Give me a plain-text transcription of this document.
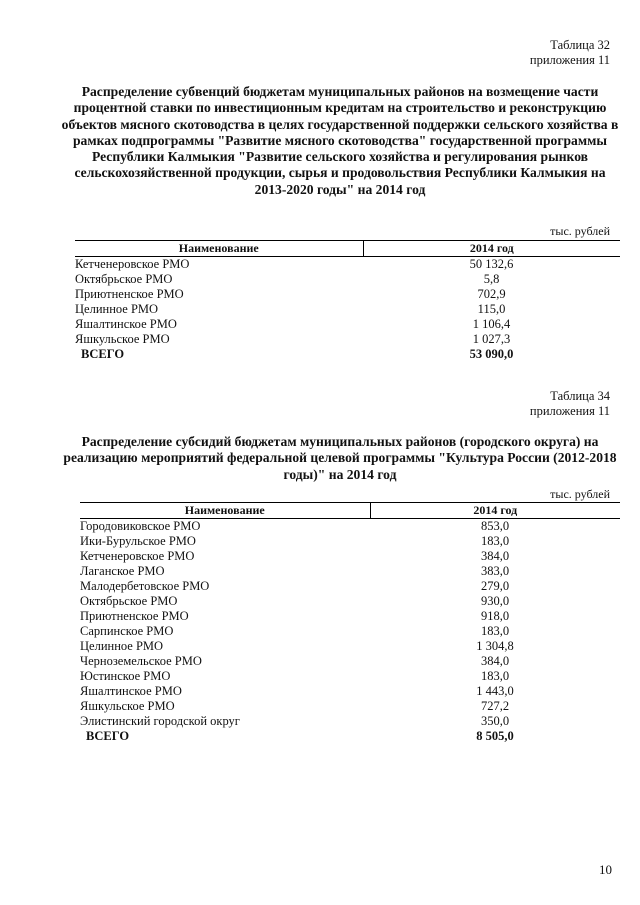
Таблица 32
приложения 11
Распределение субвенций бюджетам муниципальных районов на возмещение части процентной ставки по инвестиционным кредитам на строительство и реконструкцию объектов мясного скотоводства в целях государственной поддержки сельского хозяйства в рамках подпрограммы "Развитие мясного скотоводства" государственной программы Республики Калмыкия "Развитие сельского хозяйства и регулирования рынков сельскохозяйственной продукции, сырья и продовольствия Республики Калмыкия на 2013-2020 годы" на 2014 год
тыс. рублей
Наименование	2014 год
Кетченеровское РМО	50 132,6
Октябрьское РМО	5,8
Приютненское РМО	702,9
Целинное РМО	115,0
Яшалтинское РМО	1 106,4
Яшкульское РМО	1 027,3
ВСЕГО	53 090,0
Таблица 34
приложения 11
Распределение субсидий бюджетам муниципальных районов (городского округа) на реализацию мероприятий федеральной целевой программы "Культура России (2012-2018 годы)" на 2014 год
тыс. рублей
Наименование	2014 год
Городовиковское РМО	853,0
Ики-Бурульское РМО	183,0
Кетченеровское РМО	384,0
Лаганское РМО	383,0
Малодербетовское РМО	279,0
Октябрьское РМО	930,0
Приютненское РМО	918,0
Сарпинское РМО	183,0
Целинное РМО	1 304,8
Черноземельское РМО	384,0
Юстинское РМО	183,0
Яшалтинское РМО	1 443,0
Яшкульское РМО	727,2
Элистинский городской округ	350,0
ВСЕГО	8 505,0
10
